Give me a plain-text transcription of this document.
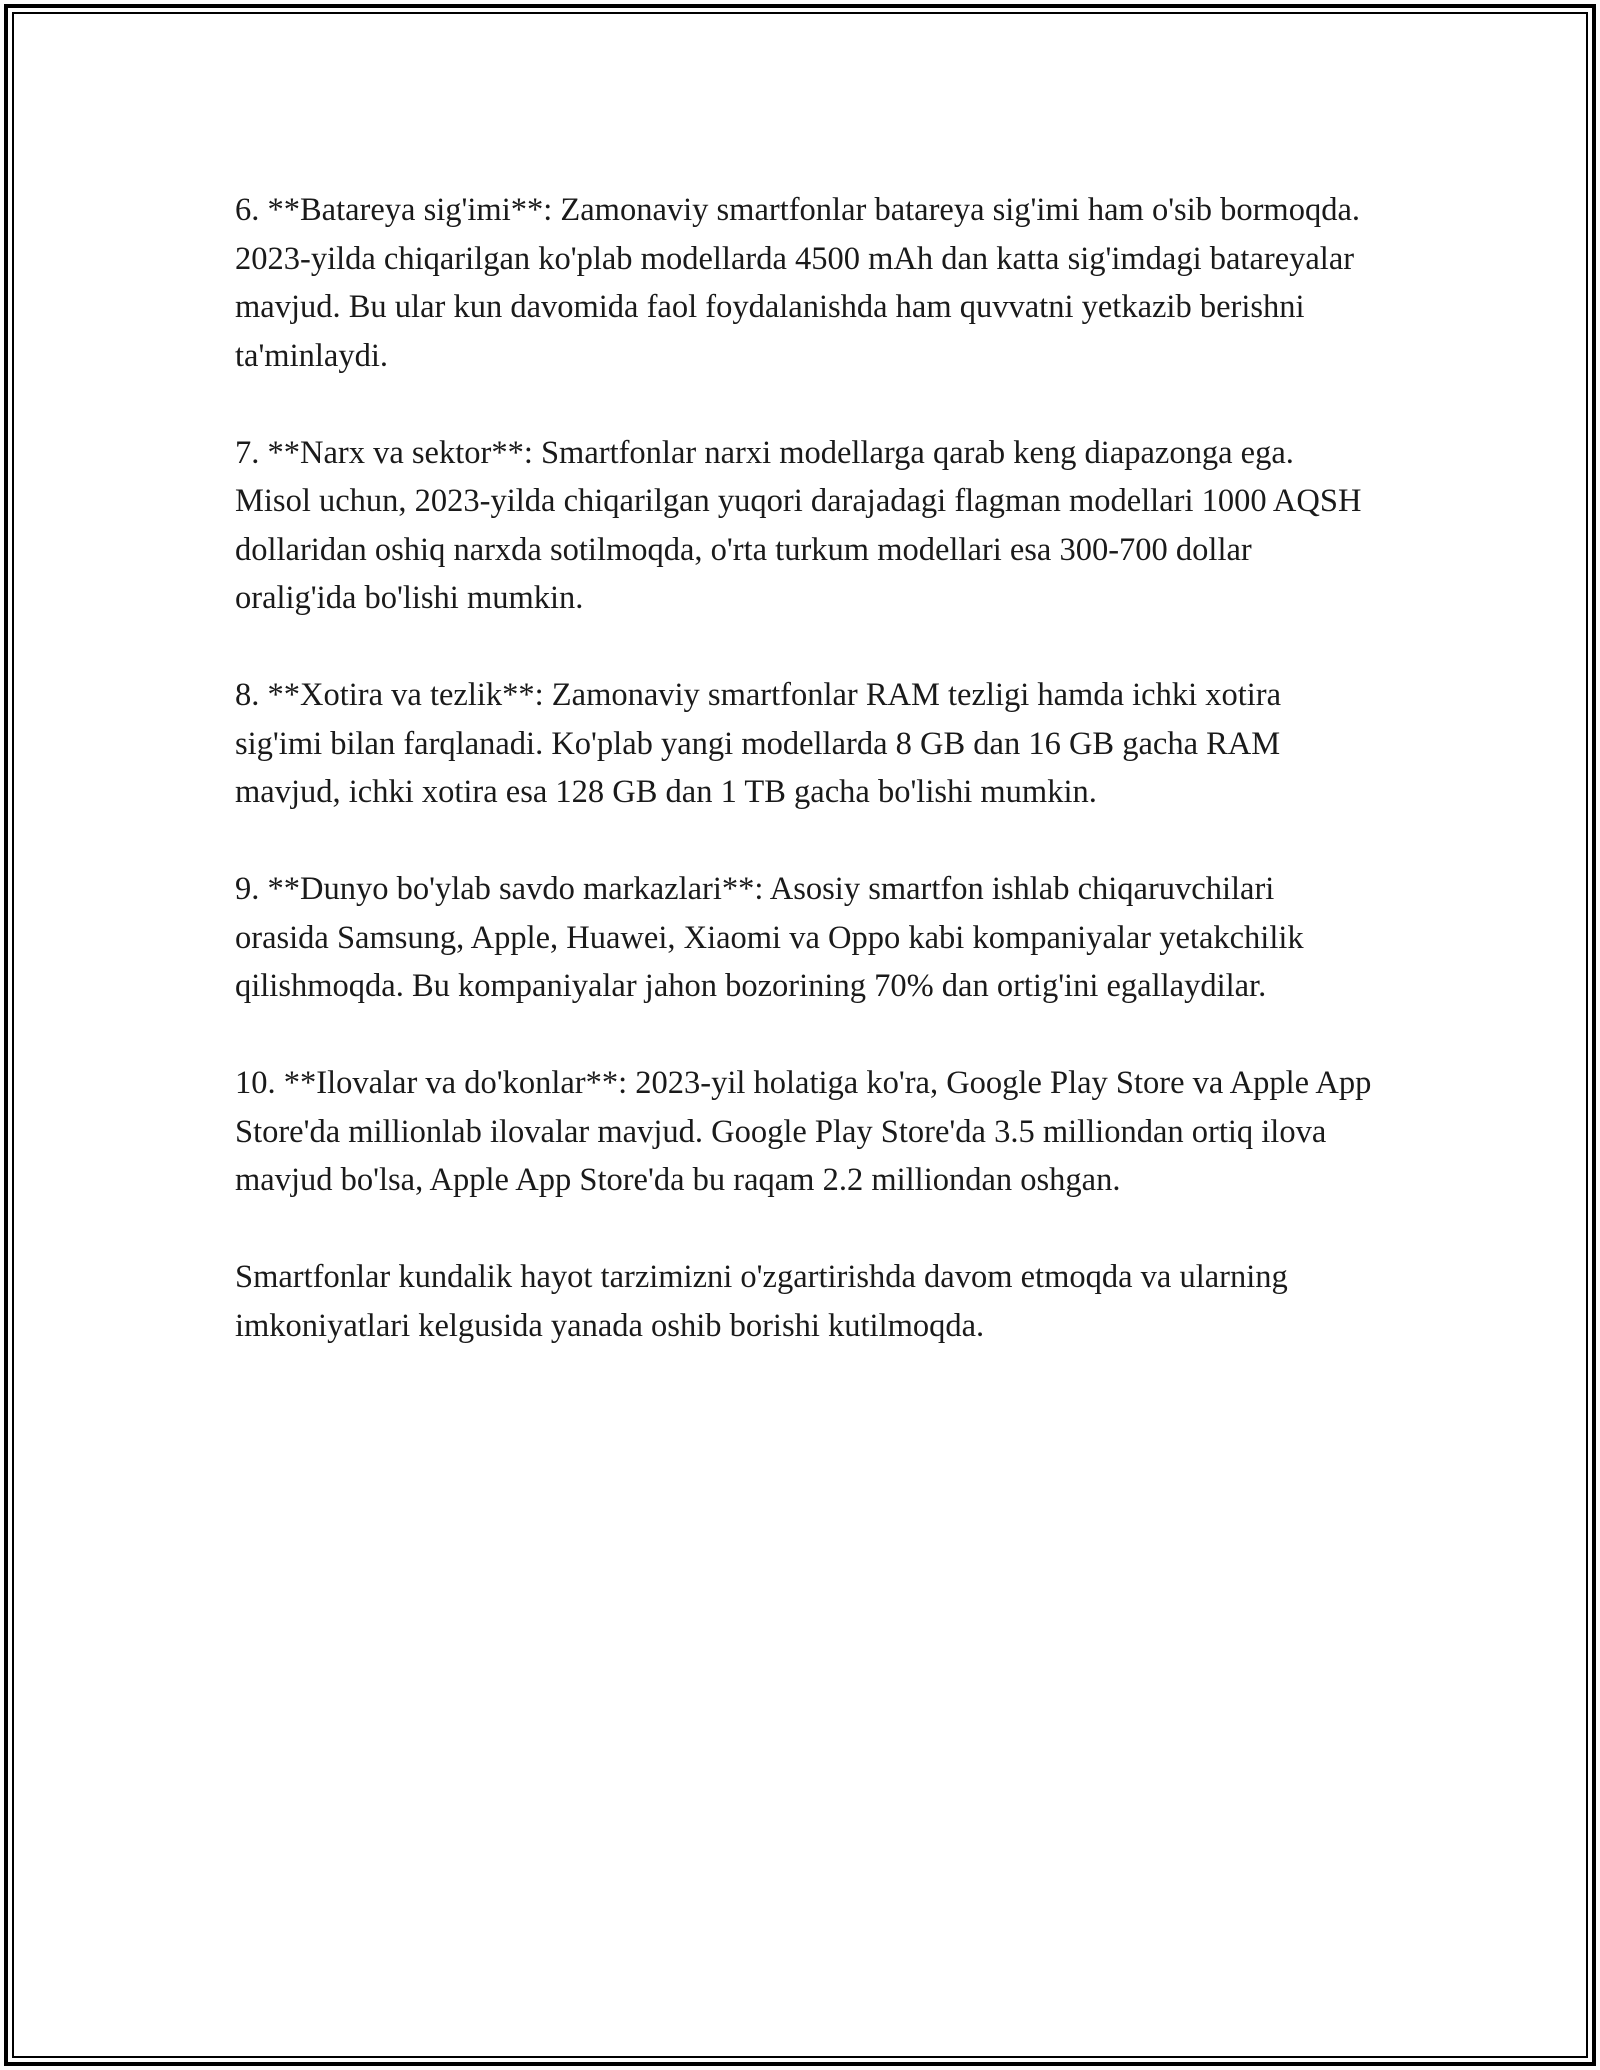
6. **Batareya sig'imi**: Zamonaviy smartfonlar batareya sig'imi ham o'sib bormoqda. 2023-yilda chiqarilgan ko'plab modellarda 4500 mAh dan katta sig'imdagi batareyalar mavjud. Bu ular kun davomida faol foydalanishda ham quvvatni yetkazib berishni ta'minlaydi.

7. **Narx va sektor**: Smartfonlar narxi modellarga qarab keng diapazonga ega. Misol uchun, 2023-yilda chiqarilgan yuqori darajadagi flagman modellari 1000 AQSH dollaridan oshiq narxda sotilmoqda, o'rta turkum modellari esa 300-700 dollar oralig'ida bo'lishi mumkin.

8. **Xotira va tezlik**: Zamonaviy smartfonlar RAM tezligi hamda ichki xotira sig'imi bilan farqlanadi. Ko'plab yangi modellarda 8 GB dan 16 GB gacha RAM mavjud, ichki xotira esa 128 GB dan 1 TB gacha bo'lishi mumkin.

9. **Dunyo bo'ylab savdo markazlari**: Asosiy smartfon ishlab chiqaruvchilari orasida Samsung, Apple, Huawei, Xiaomi va Oppo kabi kompaniyalar yetakchilik qilishmoqda. Bu kompaniyalar jahon bozorining 70% dan ortig'ini egallaydilar.

10. **Ilovalar va do'konlar**: 2023-yil holatiga ko'ra, Google Play Store va Apple App Store'da millionlab ilovalar mavjud. Google Play Store'da 3.5 milliondan ortiq ilova mavjud bo'lsa, Apple App Store'da bu raqam 2.2 milliondan oshgan.

Smartfonlar kundalik hayot tarzimizni o'zgartirishda davom etmoqda va ularning imkoniyatlari kelgusida yanada oshib borishi kutilmoqda.
